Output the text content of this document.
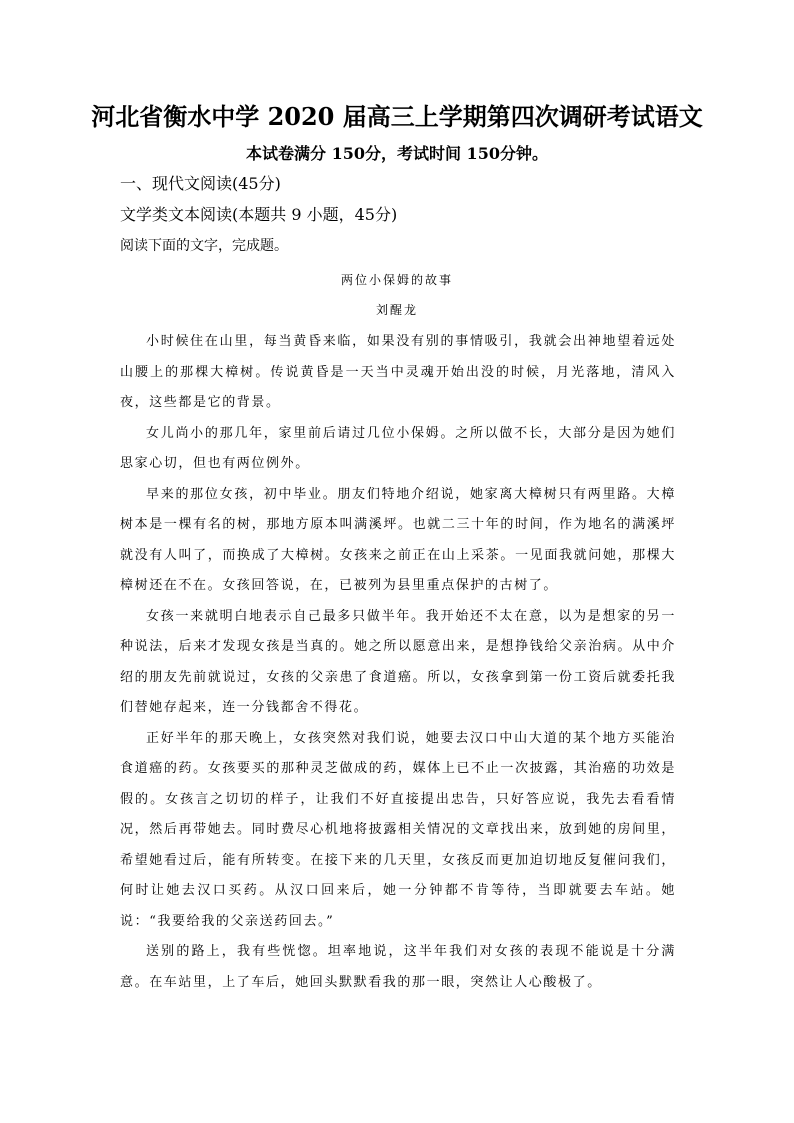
河北省衡水中学 2020 届高三上学期第四次调研考试语文
本试卷满分 150分，考试时间 150分钟。
一、现代文阅读(45分)
文学类文本阅读(本题共 9 小题，45分)
阅读下面的文字，完成题。
两位小保姆的故事
刘醒龙

小时候住在山里，每当黄昏来临，如果没有别的事情吸引，我就会出神地望着远处山腰上的那棵大樟树。传说黄昏是一天当中灵魂开始出没的时候，月光落地，清风入夜，这些都是它的背景。

女儿尚小的那几年，家里前后请过几位小保姆。之所以做不长，大部分是因为她们思家心切，但也有两位例外。

早来的那位女孩，初中毕业。朋友们特地介绍说，她家离大樟树只有两里路。大樟树本是一棵有名的树，那地方原本叫满溪坪。也就二三十年的时间，作为地名的满溪坪就没有人叫了，而换成了大樟树。女孩来之前正在山上采茶。一见面我就问她，那棵大樟树还在不在。女孩回答说，在，已被列为县里重点保护的古树了。

女孩一来就明白地表示自己最多只做半年。我开始还不太在意，以为是想家的另一种说法，后来才发现女孩是当真的。她之所以愿意出来，是想挣钱给父亲治病。从中介绍的朋友先前就说过，女孩的父亲患了食道癌。所以，女孩拿到第一份工资后就委托我们替她存起来，连一分钱都舍不得花。

正好半年的那天晚上，女孩突然对我们说，她要去汉口中山大道的某个地方买能治食道癌的药。女孩要买的那种灵芝做成的药，媒体上已不止一次披露，其治癌的功效是假的。女孩言之切切的样子，让我们不好直接提出忠告，只好答应说，我先去看看情况，然后再带她去。同时费尽心机地将披露相关情况的文章找出来，放到她的房间里，希望她看过后，能有所转变。在接下来的几天里，女孩反而更加迫切地反复催问我们，何时让她去汉口买药。从汉口回来后，她一分钟都不肯等待，当即就要去车站。她说：“我要给我的父亲送药回去。”

送别的路上，我有些恍惚。坦率地说，这半年我们对女孩的表现不能说是十分满意。在车站里，上了车后，她回头默默看我的那一眼，突然让人心酸极了。
